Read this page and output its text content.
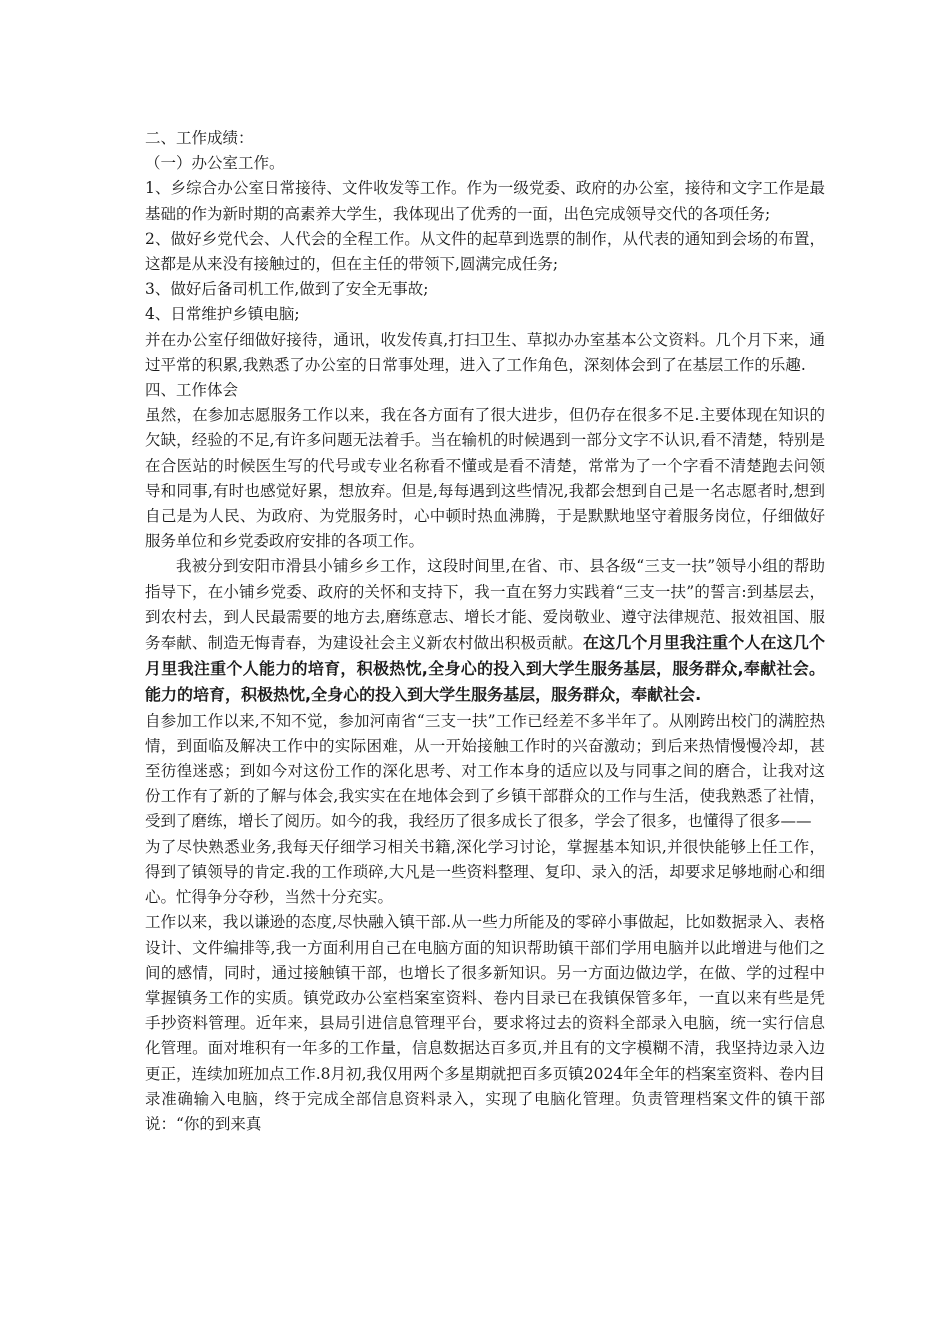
二、工作成绩：

（一）办公室工作。

1、乡综合办公室日常接待、文件收发等工作。作为一级党委、政府的办公室，接待和文字工作是最基础的作为新时期的高素养大学生，我体现出了优秀的一面，出色完成领导交代的各项任务;

2、做好乡党代会、人代会的全程工作。从文件的起草到选票的制作，从代表的通知到会场的布置，这都是从来没有接触过的，但在主任的带领下,圆满完成任务;

3、做好后备司机工作,做到了安全无事故;

4、日常维护乡镇电脑;

并在办公室仔细做好接待，通讯，收发传真,打扫卫生、草拟办办室基本公文资料。几个月下来，通过平常的积累,我熟悉了办公室的日常事处理，进入了工作角色，深刻体会到了在基层工作的乐趣.

四、工作体会

虽然，在参加志愿服务工作以来，我在各方面有了很大进步，但仍存在很多不足.主要体现在知识的欠缺，经验的不足,有许多问题无法着手。当在输机的时候遇到一部分文字不认识,看不清楚，特别是在合医站的时候医生写的代号或专业名称看不懂或是看不清楚，常常为了一个字看不清楚跑去问领导和同事,有时也感觉好累，想放弃。但是,每每遇到这些情况,我都会想到自己是一名志愿者时,想到自己是为人民、为政府、为党服务时，心中顿时热血沸腾，于是默默地坚守着服务岗位，仔细做好服务单位和乡党委政府安排的各项工作。

我被分到安阳市滑县小铺乡乡工作，这段时间里,在省、市、县各级“三支一扶”领导小组的帮助指导下，在小铺乡党委、政府的关怀和支持下，我一直在努力实践着“三支一扶”的誓言:到基层去，到农村去，到人民最需要的地方去,磨练意志、增长才能、爱岗敬业、遵守法律规范、报效祖国、服务奉献、制造无悔青春，为建设社会主义新农村做出积极贡献。在这几个月里我注重个人在这几个月里我注重个人能力的培育，积极热忱,全身心的投入到大学生服务基层，服务群众,奉献社会。能力的培育，积极热忱,全身心的投入到大学生服务基层，服务群众，奉献社会.

自参加工作以来,不知不觉，参加河南省“三支一扶”工作已经差不多半年了。从刚跨出校门的满腔热情，到面临及解决工作中的实际困难，从一开始接触工作时的兴奋激动；到后来热情慢慢冷却，甚至彷徨迷惑；到如今对这份工作的深化思考、对工作本身的适应以及与同事之间的磨合，让我对这份工作有了新的了解与体会,我实实在在地体会到了乡镇干部群众的工作与生活，使我熟悉了社情，受到了磨练，增长了阅历。如今的我，我经历了很多成长了很多，学会了很多，也懂得了很多——

为了尽快熟悉业务,我每天仔细学习相关书籍,深化学习讨论，掌握基本知识,并很快能够上任工作，得到了镇领导的肯定.我的工作琐碎,大凡是一些资料整理、复印、录入的活，却要求足够地耐心和细心。忙得争分夺秒，当然十分充实。

工作以来，我以谦逊的态度,尽快融入镇干部.从一些力所能及的零碎小事做起，比如数据录入、表格设计、文件编排等,我一方面利用自己在电脑方面的知识帮助镇干部们学用电脑并以此增进与他们之间的感情，同时，通过接触镇干部，也增长了很多新知识。另一方面边做边学，在做、学的过程中掌握镇务工作的实质。镇党政办公室档案室资料、卷内目录已在我镇保管多年，一直以来有些是凭手抄资料管理。近年来，县局引进信息管理平台，要求将过去的资料全部录入电脑，统一实行信息化管理。面对堆积有一年多的工作量，信息数据达百多页,并且有的文字模糊不清，我坚持边录入边更正，连续加班加点工作.8月初,我仅用两个多星期就把百多页镇2024年全年的档案室资料、卷内目录准确输入电脑，终于完成全部信息资料录入，实现了电脑化管理。负责管理档案文件的镇干部说：“你的到来真
